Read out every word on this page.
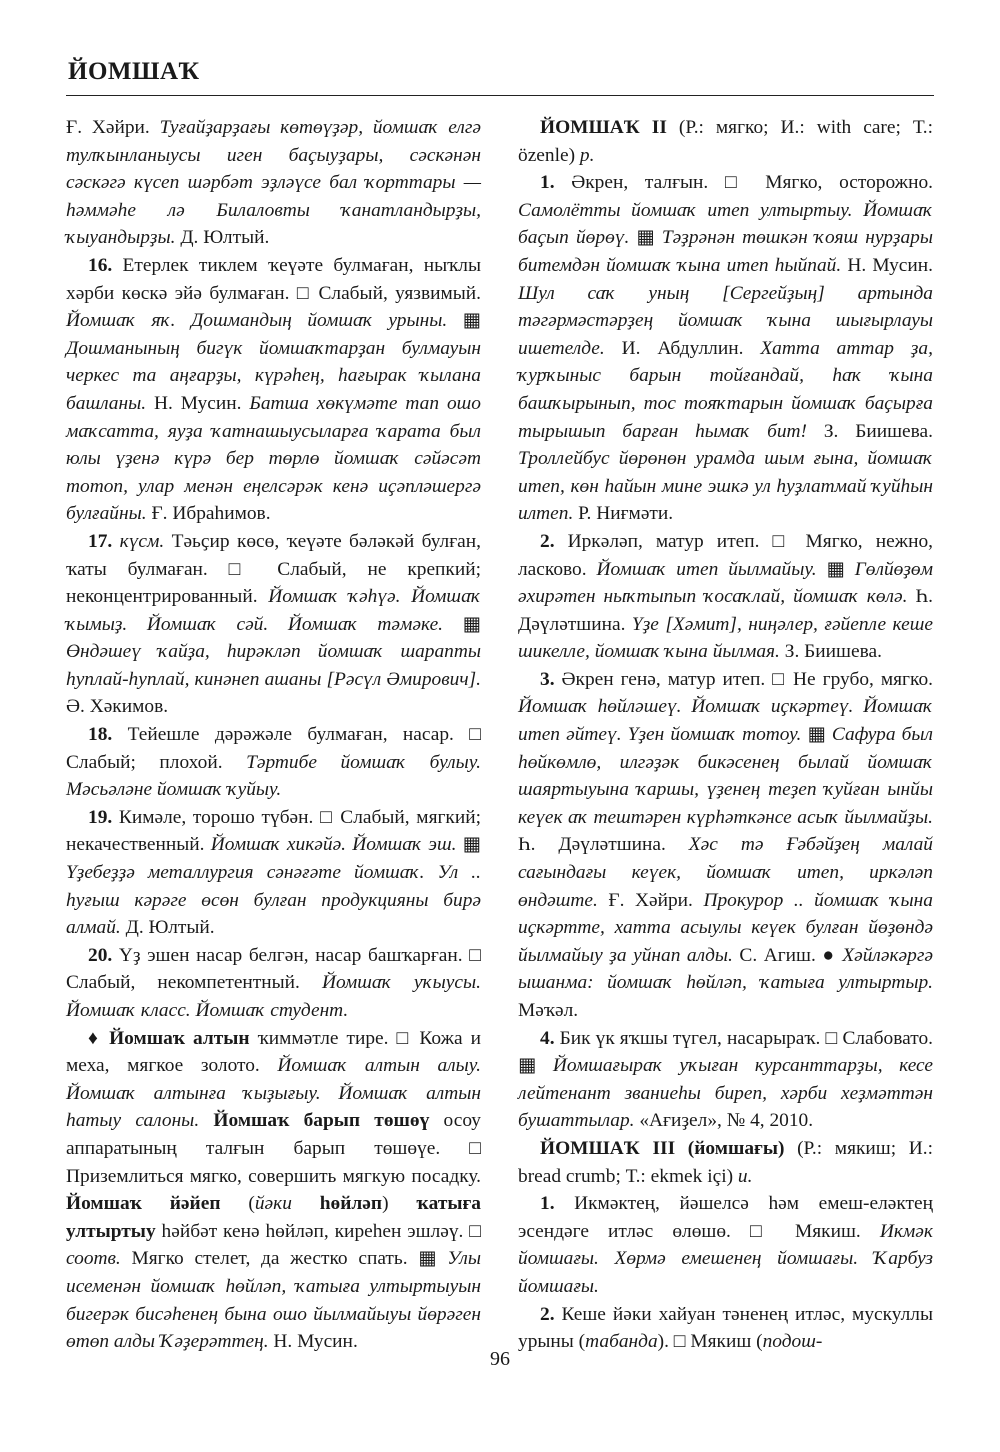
ЙОМШАҠ

Ғ. Хәйри. Туғайҙарҙағы көтөүҙәр, йомшаҡ елгә тулҡынланыусы иген баҫыуҙары, сәскәнән сәскәгә күсеп шәрбәт эҙләүсе бал ҡорттары — һәммәһе лә Билаловты ҡанатландырҙы, ҡыуандырҙы. Д. Юлтый.

16. Етерлек тиклем ҡеүәте булмаған, ныҡлы хәрби көскә эйә булмаған. □ Слабый, уязвимый. Йомшаҡ яҡ. Дошмандың йомшаҡ урыны. ▦ Дошманының бигүк йомшаҡтарҙан булмауын черкес та аңғарҙы, күрәһең, һағырак ҡылана башланы. Н. Мусин. Батша хөкүмәте тап ошо маҡсатта, яуҙа ҡатнашыусыларға ҡарата был юлы үҙенә күрә бер төрлө йомшаҡ сәйәсәт тотоп, улар менән еңелсәрәк кенә иҫәпләшергә булғайны. Ғ. Ибраһимов.

17. күсм. Тәьҫир көсө, ҡеүәте бәләкәй булған, ҡаты булмаған. □ Слабый, не крепкий; неконцентрированный. Йомшаҡ ҡәһүә. Йомшаҡ ҡымыҙ. Йомшаҡ сәй. Йомшаҡ тәмәке. ▦ Өндәшеү ҡайҙа, һирәкләп йомшаҡ шарапты һуплай-һуплай, кинәнеп ашаны [Рәсүл Әмирович]. Ә. Хәкимов.

18. Тейешле дәрәжәле булмаған, насар. □ Слабый; плохой. Тәртибе йомшаҡ булыу. Мәсьәләне йомшаҡ ҡуйыу.

19. Кимәле, торошо түбән. □ Слабый, мягкий; некачественный. Йомшаҡ хикәйә. Йомшаҡ эш. ▦ Үҙебеҙҙә металлургия сәнәғәте йомшаҡ. Ул .. һуғыш кәрәге өсөн булған продукцияны бирә алмай. Д. Юлтый.

20. Үҙ эшен насар белгән, насар башҡарған. □ Слабый, некомпетентный. Йомшаҡ уҡыусы. Йомшаҡ класс. Йомшаҡ студент.

♦ Йомшаҡ алтын ҡиммәтле тире. □ Кожа и меха, мягкое золото. Йомшаҡ алтын алыу. Йомшаҡ алтынға ҡыҙығыу. Йомшаҡ алтын һатыу салоны. Йомшаҡ барып төшөү осоу аппаратының талғын барып төшөүе. □ Приземлиться мягко, совершить мягкую посадку. Йомшаҡ йәйеп (йәки һөйләп) ҡатыға ултыртыу һәйбәт кенә һөйләп, киреһен эшләү. □ соотв. Мягко стелет, да жестко спать. ▦ Улы исеменән йомшаҡ һөйләп, ҡатыға ултыртыуын бигерәк бисәһенең бына ошо йылмайыуы йөрәген өтөп алды Ҡәҙерәттең. Н. Мусин.

ЙОМШАҠ II (Р.: мягко; И.: with care; Т.: özenle) р.

1. Әкрен, талғын. □ Мягко, осторожно. Самолётты йомшаҡ итеп ултыртыу. Йомшаҡ баҫып йөрөү. ▦ Тәҙрәнән төшкән ҡояш нурҙары битемдән йомшаҡ ҡына итеп һыйпай. Н. Мусин. Шул саҡ уның [Сергейҙың] артында тәгәрмәстәрҙең йомшаҡ ҡына шығырлауы ишетелде. И. Абдуллин. Хатта аттар ҙа, ҡурҡыныс барын тойғандай, һаҡ ҡына башҡырынып, тос тояҡтарын йомшаҡ баҫырға тырышып барған һымаҡ бит! З. Биишева. Троллейбус йөрөнөн урамда шым ғына, йомшаҡ итеп, көн һайын мине эшкә ул һуҙлатмай ҡуйһын илтеп. Р. Ниғмәти.

2. Иркәләп, матур итеп. □ Мягко, нежно, ласково. Йомшаҡ итеп йылмайыу. ▦ Гөлйөҙөм әхирәтен ныҡтыпып ҡосаҡлай, йомшаҡ көлә. Һ. Дәүләтшина. Үҙе [Хәмит], ниңәлер, ғәйепле кеше шикелле, йомшаҡ ҡына йылмая. З. Биишева.

3. Әкрен генә, матур итеп. □ Не грубо, мягко. Йомшаҡ һөйләшеү. Йомшаҡ иҫкәртеү. Йомшаҡ итеп әйтеү. Үҙен йомшаҡ тотоу. ▦ Сафура был һөйкөмлө, илгәҙәк бикәсенең былай йомшаҡ шаяртыуына ҡаршы, үҙенең теҙеп ҡуйған ынйы кеүек аҡ тештәрен күрһәткәнсе асыҡ йылмайҙы. Һ. Дәүләтшина. Хәс тә Ғәбәйҙең малай сағындағы кеүек, йомшаҡ итеп, иркәләп өндәште. Ғ. Хәйри. Прокурор .. йомшаҡ ҡына иҫкәртте, хатта асыулы кеүек булған йөҙөндә йылмайыу ҙа уйнап алды. С. Агиш. ● Хәйләкәргә ышанма: йомшаҡ һөйләп, ҡатыға ултыртыр. Мәҡәл.

4. Бик үк яҡшы түгел, насарыраҡ. □ Слабовато. ▦ Йомшағыраҡ уҡыған курсанттарҙы, кесе лейтенант званиеһы биреп, хәрби хеҙмәттән бушаттылар. «Ағиҙел», № 4, 2010.

ЙОМШАҠ III (йомшағы) (Р.: мякиш; И.: bread crumb; Т.: ekmek içi) и.

1. Икмәктең, йәшелсә һәм емеш-еләктең эсендәге итләс өлөшө. □ Мякиш. Икмәк йомшағы. Хөрмә емешенең йомшағы. Ҡарбуз йомшағы.

2. Кеше йәки хайуан тәненең итләс, мускуллы урыны (табанда). □ Мякиш (подош-

96
